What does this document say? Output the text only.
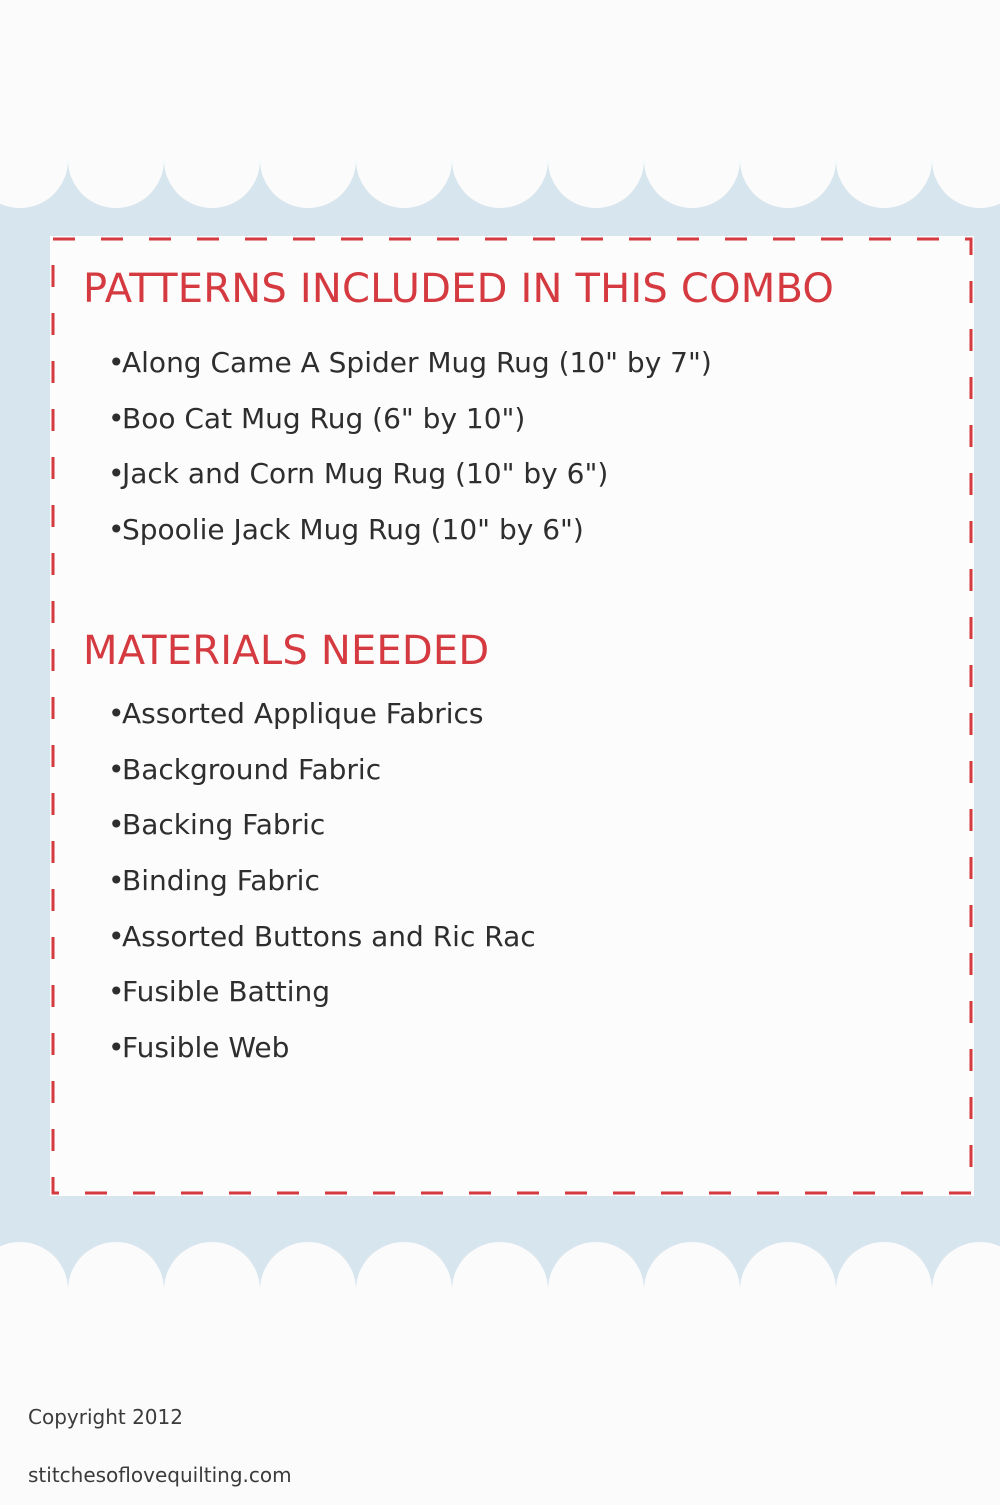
PATTERNS INCLUDED IN THIS COMBO
•Along Came A Spider Mug Rug (10" by 7")
•Boo Cat Mug Rug (6" by 10")
•Jack and Corn Mug Rug (10" by 6")
•Spoolie Jack Mug Rug (10" by 6")
MATERIALS NEEDED
•Assorted Applique Fabrics
•Background Fabric
•Backing Fabric
•Binding Fabric
•Assorted Buttons and Ric Rac
•Fusible Batting
•Fusible Web

Copyright 2012

stitchesoflovequilting.com
